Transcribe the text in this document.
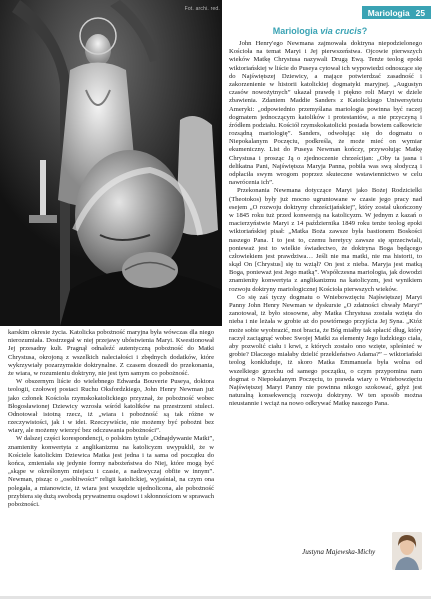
Fot. archi. red.	Mariologia 25
Mariologia via crucis?

karskim okresie życia. Katolicka pobożność maryjna była wówczas dla niego nierozumiała. Dostrzegał w niej przejawy ubóstwienia Maryi. Kwestionował Jej przesadny kult. Pragnął odnaleźć autentyczną pobożność do Matki Chrystusa, okrojoną z wszelkich naleciałości i zbędnych dodatków, które wykrzywiały pozarzymskie doktrynalne. Z czasem doszedł do przekonania, że wiara, w rozumieniu doktryny, nie jest tym samym co pobożność.

W obszernym liście do wielebnego Edwarda Bouverie Puseya, doktora teologii, czołowej postaci Ruchu Oksfordzkiego, John Henry Newman już jako członek Kościoła rzymskokatolickiego przyznał, że pobożność wobec Błogosławionej Dziewicy wzrosła wśród katolików na przestrzeni stuleci. Odnotował istotną rzecz, iż „wiara i pobożność są tak różne w rzeczywistości, jak i w idei. Rzeczywiście, nie możemy być pobożni bez wiary, ale możemy wierzyć bez odczuwania pobożności”.

W dalszej części korespondencji, o polskim tytule „Odnajdywanie Matki”, znamienity konwertyta z anglikanizmu na katolicyzm uwypuklił, że w Kościele katolickim Dziewica Matka jest jedna i ta sama od początku do końca, zmieniała się jedynie formy nabożeństwa do Niej, które mogą być „skąpe w określonym miejscu i czasie, a nadzwyczaj obfite w innym”. Newman, pisząc o „osobliwości” religii katolickiej, wyjaśniał, na czym ona polegała, a mianowicie, iż wiara jest wszędzie ujednolicona, ale pobożność przybiera się dużą swobodą prywatnemu osądowi i skłonnościom w sprawach pobożności.

John Henry'ego Newmana zajmowała doktryna niepodzielonego Kościoła na temat Maryi i Jej pierwszeństwa. Ojcowie pierwszych wieków Matkę Chrystusa nazywali Drugą Ewą. Tenże teolog epoki wiktoriańskiej w liście do Puseya cytował ich wypowiedzi odnoszące się do Najświętszej Dziewicy, a mające potwierdzać zasadność i zakorzenienie w historii katolickiej dogmatyki maryjnej. „Augustyn czasów nowożytnych” ukazał prawdę i piękno roli Maryi w dziele zbawienia. Zdaniem Maddie Sanders z Katolickiego Uniwersytetu Ameryki: „odpowiednio przemyślana mariologia powinna być raczej dogmatem jednoczącym katolików i protestantów, a nie przyczyną i źródłem podziału. Kościół rzymskokatolicki posiada bowiem całkowicie rozsądną mariologię”. Sanders, odwołując się do dogmatu o Niepokalanym Poczęciu, podkreśla, że może mieć on wymiar ekumeniczny. List do Puseya Newman kończy, przywołując Matkę Chrystusa i prosząc Ją o zjednoczenie chrześcijan: „Oby ta jasna i delikatna Pani, Najświętsza Maryja Panna, pobiła was swą słodyczą i odpłaciła swym wrogom poprzez skuteczne wstawiennictwo w celu nawrócenia ich”.

Przekonania Newmana dotyczące Maryi jako Bożej Rodzicielki (Theotokos) były już mocno ugruntowane w czasie jego pracy nad esejem „O rozwoju doktryny chrześcijańskiej”, który został ukończony w 1845 roku tuż przed konwersją na katolicyzm. W jednym z kazań o macierzyństwie Maryi z 14 października 1849 roku tenże teolog epoki wiktoriańskiej pisał: „Matka Boża zawsze była bastionem Boskości naszego Pana. I to jest to, czemu heretycy zawsze się sprzeciwiali, ponieważ jest to wielkie świadectwo, że doktryna Boga będącego człowiekiem jest prawdziwa… Jeśli nie ma matki, nie ma historii, to skąd On [Chrystus] się tu wziął? On jest z nieba. Maryja jest matką Boga, ponieważ jest Jego matką”. Współczesna mariologia, jak dowodzi znamienity konwertyta z anglikanizmu na katolicyzm, jest wynikiem rozwoju doktryny mariologicznej Kościoła pierwszych wieków.

Co się zaś tyczy dogmatu o Wniebowzięciu Najświętszej Maryi Panny John Henry Newman w dyskursie „O zdatności chwały Maryi” zanotował, iż było stosowne, aby Matka Chrystusa została wzięta do nieba i nie leżała w grobie aż do powtórnego przyjścia Jej Syna. „Któż może sobie wyobrazić, moi bracia, że Bóg miałby tak spłacić dług, który raczył zaciągnąć wobec Swojej Matki za elementy Jego ludzkiego ciała, aby pozwolić ciału i krwi, z których zostało ono wzięte, spleśnieć w grobie? Dlaczego miałaby dzielić przekleństwo Adama?” – wiktoriański teolog konkluduje, iż skoro Matka Emmanuela była wolna od wszelkiego grzechu od samego początku, o czym przypomina nam dogmat o Niepokalanym Poczęciu, to prawda wiary o Wniebowzięciu Najświętszej Maryi Panny nie powinna nikogo szokować, gdyż jest naturalną konsekwencją rozwoju doktryny. W ten sposób można nieustannie i wciąż na nowo odkrywać Matkę naszego Pana.

Justyna Majewska-Michy
